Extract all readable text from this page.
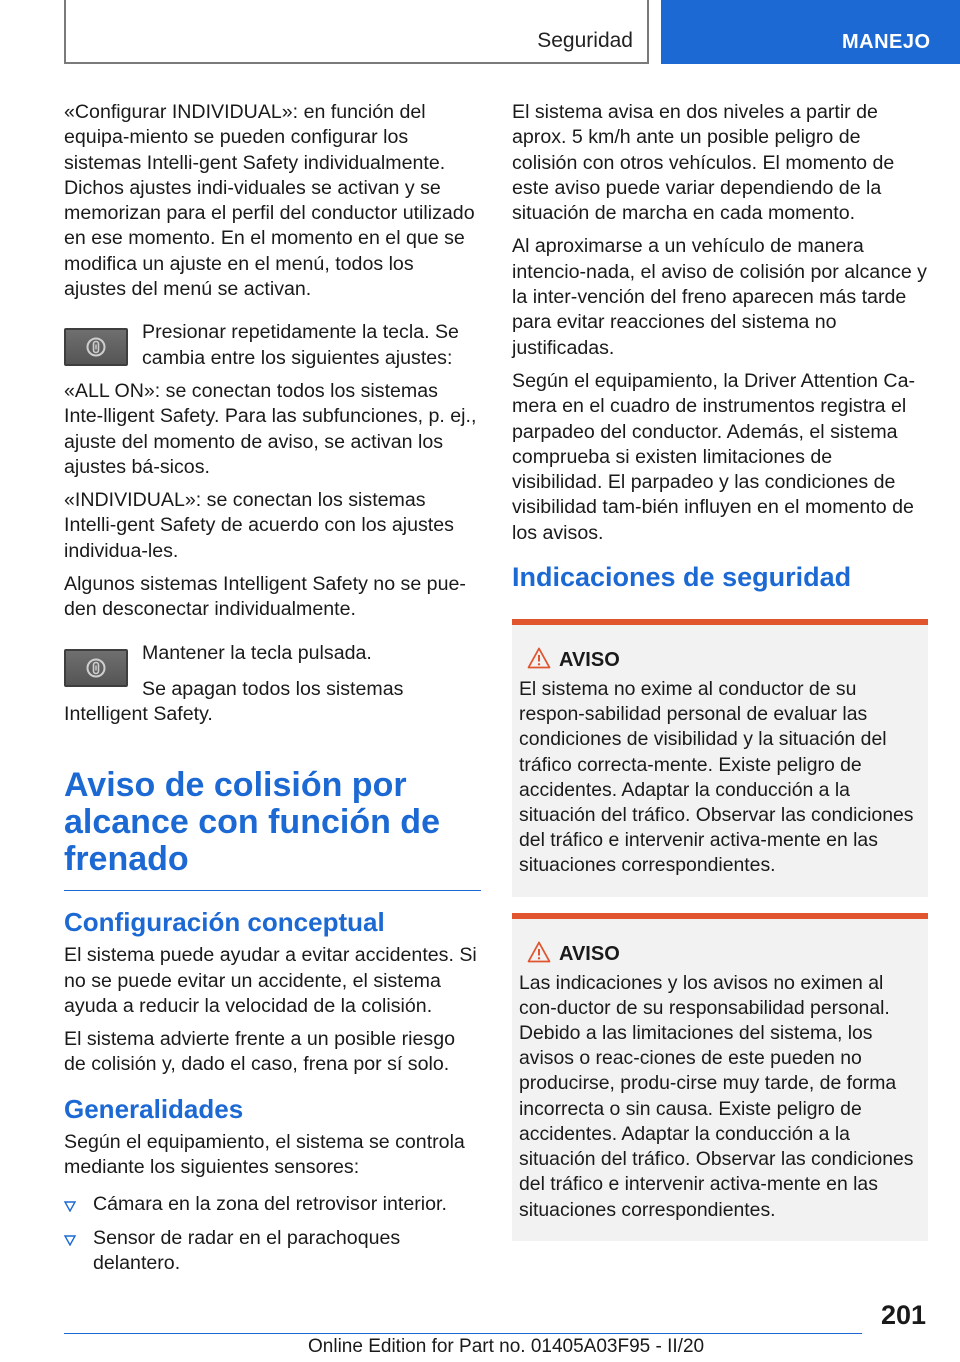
Seguridad	MANEJO

«Configurar INDIVIDUAL»: en función del equipa-miento se pueden configurar los sistemas Intelli-gent Safety individualmente. Dichos ajustes indi-viduales se activan y se memorizan para el perfil del conductor utilizado en ese momento. En el momento en el que se modifica un ajuste en el menú, todos los ajustes del menú se activan.

Presionar repetidamente la tecla. Se cambia entre los siguientes ajustes:

«ALL ON»: se conectan todos los sistemas Inte-lligent Safety. Para las subfunciones, p. ej., ajuste del momento de aviso, se activan los ajustes bá-sicos.

«INDIVIDUAL»: se conectan los sistemas Intelli-gent Safety de acuerdo con los ajustes individua-les.

Algunos sistemas Intelligent Safety no se pue-den desconectar individualmente.

Mantener la tecla pulsada.

Se apagan todos los sistemas Intelligent Safety.

Aviso de colisión por alcance con función de frenado
Configuración conceptual

El sistema puede ayudar a evitar accidentes. Si no se puede evitar un accidente, el sistema ayuda a reducir la velocidad de la colisión.

El sistema advierte frente a un posible riesgo de colisión y, dado el caso, frena por sí solo.

Generalidades

Según el equipamiento, el sistema se controla mediante los siguientes sensores:

Cámara en la zona del retrovisor interior.
Sensor de radar en el parachoques delantero.

El sistema avisa en dos niveles a partir de aprox. 5 km/h ante un posible peligro de colisión con otros vehículos. El momento de este aviso puede variar dependiendo de la situación de marcha en cada momento.

Al aproximarse a un vehículo de manera intencio-nada, el aviso de colisión por alcance y la inter-vención del freno aparecen más tarde para evitar reacciones del sistema no justificadas.

Según el equipamiento, la Driver Attention Ca-mera en el cuadro de instrumentos registra el parpadeo del conductor. Además, el sistema comprueba si existen limitaciones de visibilidad. El parpadeo y las condiciones de visibilidad tam-bién influyen en el momento de los avisos.

Indicaciones de seguridad
AVISO

El sistema no exime al conductor de su respon-sabilidad personal de evaluar las condiciones de visibilidad y la situación del tráfico correcta-mente. Existe peligro de accidentes. Adaptar la conducción a la situación del tráfico. Observar las condiciones del tráfico e intervenir activa-mente en las situaciones correspondientes.

AVISO

Las indicaciones y los avisos no eximen al con-ductor de su responsabilidad personal. Debido a las limitaciones del sistema, los avisos o reac-ciones de este pueden no producirse, produ-cirse muy tarde, de forma incorrecta o sin causa. Existe peligro de accidentes. Adaptar la conducción a la situación del tráfico. Observar las condiciones del tráfico e intervenir activa-mente en las situaciones correspondientes.

201
Online Edition for Part no. 01405A03F95 - II/20
